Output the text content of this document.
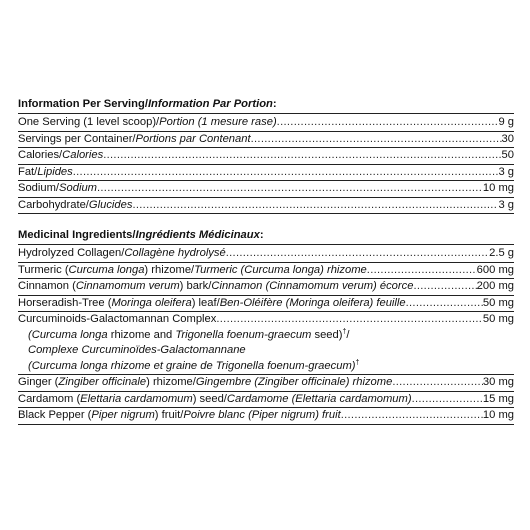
Information Per Serving/Information Par Portion:
One Serving (1 level scoop)/Portion (1 mesure rase) .....	9 g
Servings per Container/Portions par Contenant .....	30
Calories/Calories .....	50
Fat/Lipides .....	3 g
Sodium/Sodium .....	10 mg
Carbohydrate/Glucides .....	3 g
Medicinal Ingredients/Ingrédients Médicinaux:
Hydrolyzed Collagen/Collagène hydrolysé .....	2.5 g
Turmeric (Curcuma longa) rhizome/Turmeric (Curcuma longa) rhizome .....	600 mg
Cinnamon (Cinnamomum verum) bark/Cinnamon (Cinnamomum verum) écorce .....	200 mg
Horseradish-Tree (Moringa oleifera) leaf/Ben-Oléifère (Moringa oleifera) feuille .....	50 mg
Curcuminoids-Galactomannan Complex .....	50 mg
(Curcuma longa rhizome and Trigonella foenum-graecum seed)†/
Complexe Curcuminoïdes-Galactomannane
(Curcuma longa rhizome et graine de Trigonella foenum-graecum)†
Ginger (Zingiber officinale) rhizome/Gingembre (Zingiber officinale) rhizome .....	30 mg
Cardamom (Elettaria cardamomum) seed/Cardamome (Elettaria cardamomum) .....	15 mg
Black Pepper (Piper nigrum) fruit/Poivre blanc (Piper nigrum) fruit .....	10 mg
